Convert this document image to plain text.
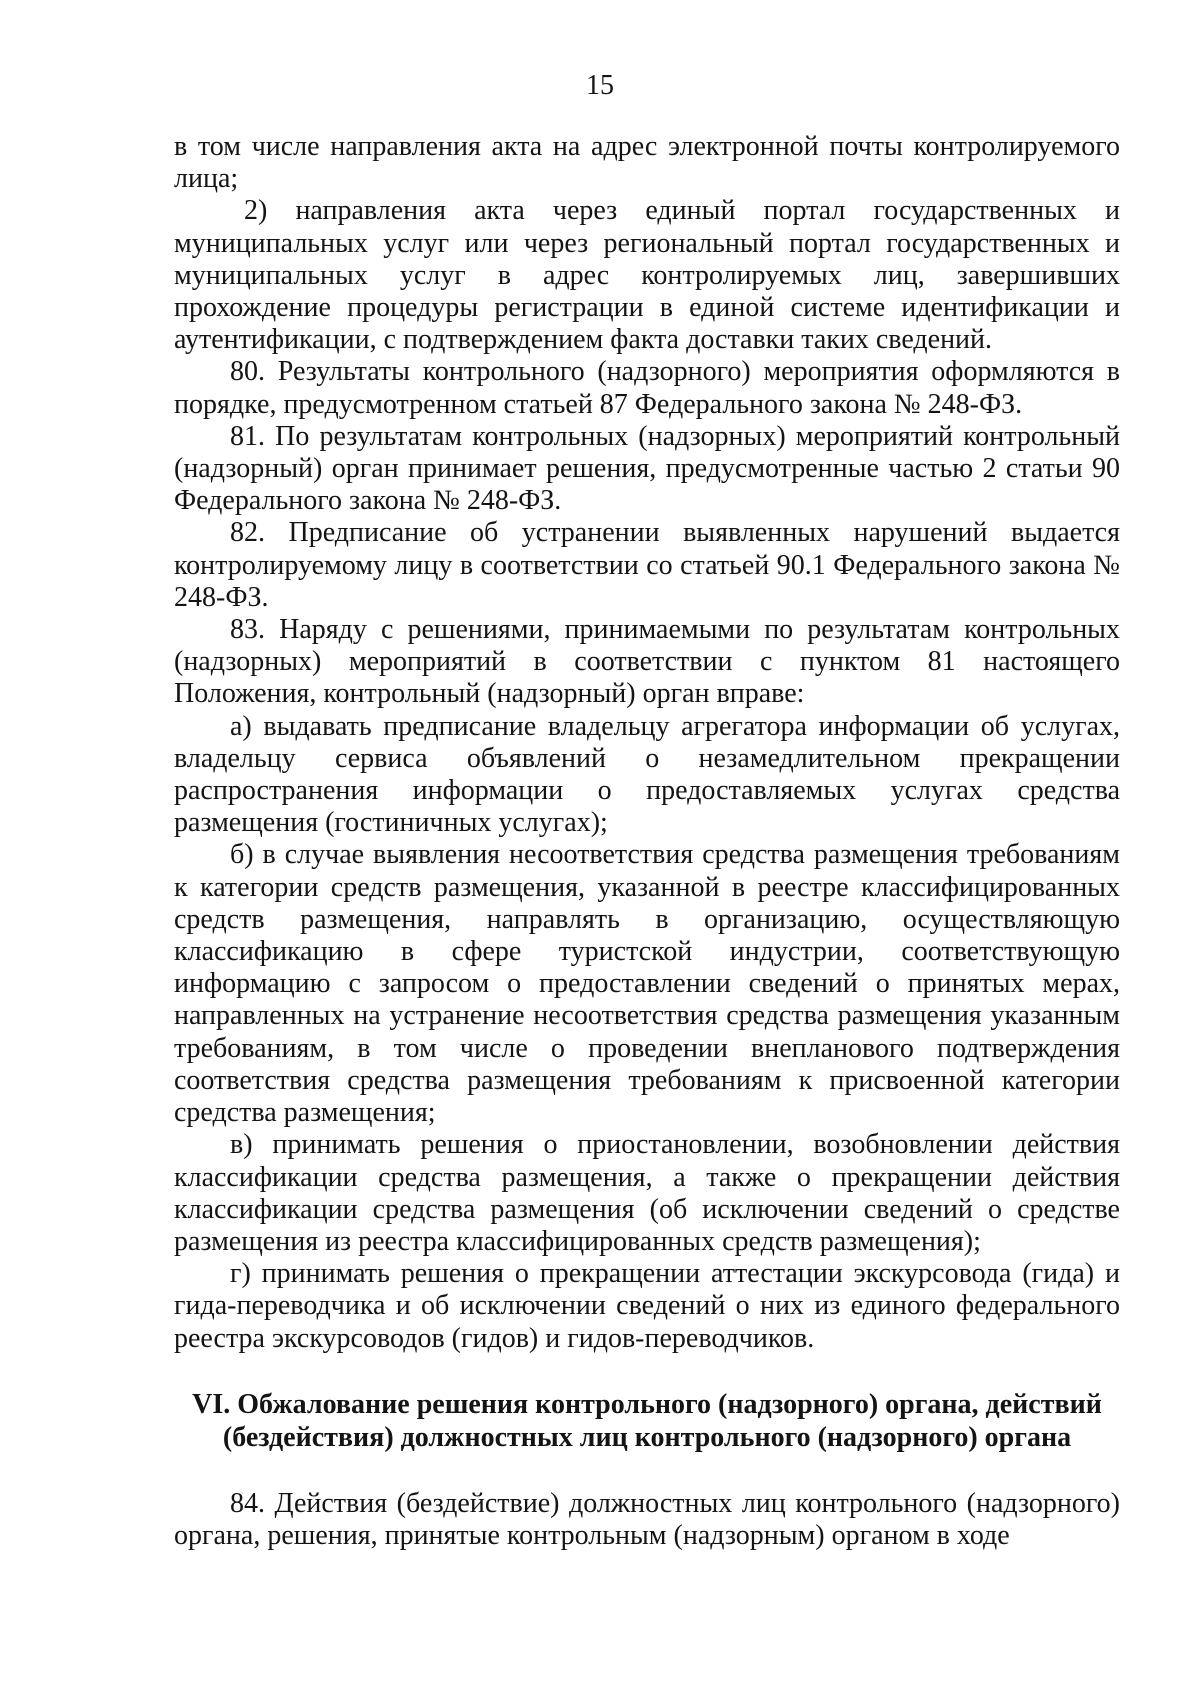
15

в том числе направления акта на адрес электронной почты контролируемого лица;

2) направления акта через единый портал государственных и муниципальных услуг или через региональный портал государственных и муниципальных услуг в адрес контролируемых лиц, завершивших прохождение процедуры регистрации в единой системе идентификации и аутентификации, с подтверждением факта доставки таких сведений.

80. Результаты контрольного (надзорного) мероприятия оформляются в порядке, предусмотренном статьей 87 Федерального закона № 248-ФЗ.

81. По результатам контрольных (надзорных) мероприятий контрольный (надзорный) орган принимает решения, предусмотренные частью 2 статьи 90 Федерального закона № 248-ФЗ.

82. Предписание об устранении выявленных нарушений выдается контролируемому лицу в соответствии со статьей 90.1 Федерального закона № 248-ФЗ.

83. Наряду с решениями, принимаемыми по результатам контрольных (надзорных) мероприятий в соответствии с пунктом 81 настоящего Положения, контрольный (надзорный) орган вправе:

а) выдавать предписание владельцу агрегатора информации об услугах, владельцу сервиса объявлений о незамедлительном прекращении распространения информации о предоставляемых услугах средства размещения (гостиничных услугах);

б) в случае выявления несоответствия средства размещения требованиям к категории средств размещения, указанной в реестре классифицированных средств размещения, направлять в организацию, осуществляющую классификацию в сфере туристской индустрии, соответствующую информацию с запросом о предоставлении сведений о принятых мерах, направленных на устранение несоответствия средства размещения указанным требованиям, в том числе о проведении внепланового подтверждения соответствия средства размещения требованиям к присвоенной категории средства размещения;

в) принимать решения о приостановлении, возобновлении действия классификации средства размещения, а также о прекращении действия классификации средства размещения (об исключении сведений о средстве размещения из реестра классифицированных средств размещения);

г) принимать решения о прекращении аттестации экскурсовода (гида) и гида-переводчика и об исключении сведений о них из единого федерального реестра экскурсоводов (гидов) и гидов-переводчиков.

VI. Обжалование решения контрольного (надзорного) органа, действий (бездействия) должностных лиц контрольного (надзорного) органа

84. Действия (бездействие) должностных лиц контрольного (надзорного) органа, решения, принятые контрольным (надзорным) органом в ходе
